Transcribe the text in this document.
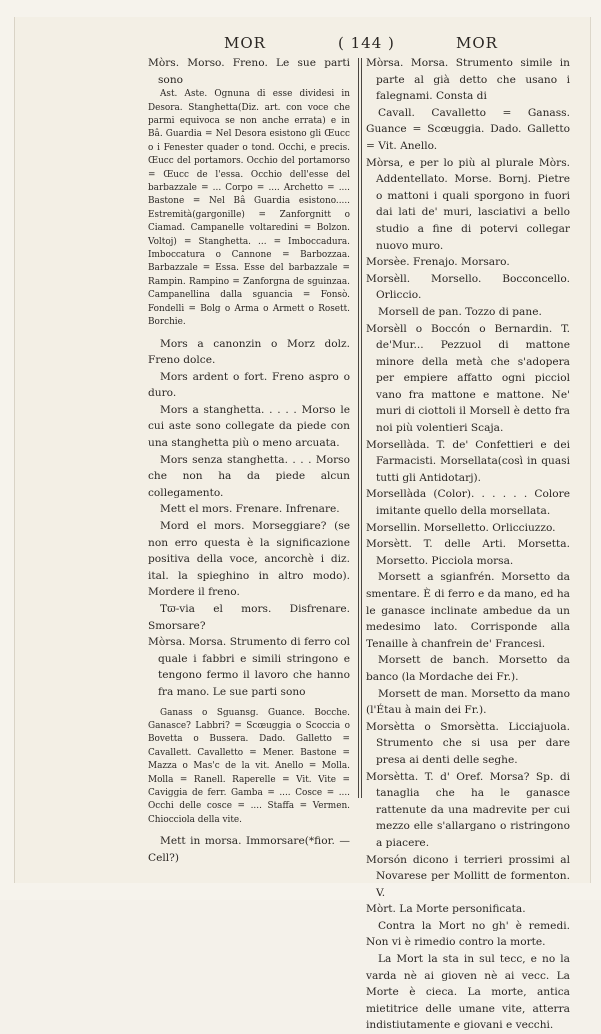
MOR	( 144 )	MOR

Mòrs. Morso. Freno. Le sue parti sono

Ast. Aste. Ognuna di esse dividesi in Desora. Stanghetta(Diz. art. con voce che parmi equivoca se non anche errata) e in Bâ. Guardia = Nel Desora esistono gli Œucc o i Fenester quader o tond. Occhi, e precis. Œucc del portamors. Occhio del portamorso = Œucc de l'essa. Occhio dell'esse del barbazzale = ... Corpo = .... Archetto = .... Bastone = Nel Bâ Guardia esistono..... Estremità(gargonille) = Zanforgnitt o Ciamad. Campanelle voltaredini = Bolzon. Voltoj) = Stanghetta. ... = Imboccadura. Imboccatura o Cannone = Barbozzaa. Barbazzale = Essa. Esse del barbazzale = Rampin. Rampino = Zanforgna de sguinzaa. Campanellina dalla sguancia = Fonsò. Fondelli = Bolg o Arma o Armett o Rosett. Borchie.

Mors a canonzin o Morz dolz. Freno dolce.

Mors ardent o fort. Freno aspro o duro.

Mors a stanghetta. . . . . Morso le cui aste sono collegate da piede con una stanghetta più o meno arcuata.

Mors senza stanghetta. . . . Morso che non ha da piede alcun collegamento.

Mett el mors. Frenare. Infrenare.

Mord el mors. Morseggiare? (se non erro questa è la significazione positiva della voce, ancorchè i diz. ital. la spieghino in altro modo). Mordere il freno.

Tϖ-via el mors. Disfrenare. Smorsare?

Mòrsa. Morsa. Strumento di ferro col quale i fabbri e simili stringono e tengono fermo il lavoro che hanno fra mano. Le sue parti sono

Ganass o Sguansg. Guance. Bocche. Ganasce? Labbri? = Scœuggia o Scoccia o Bovetta o Bussera. Dado. Galletto = Cavallett. Cavalletto = Mener. Bastone = Mazza o Mas'c de la vit. Anello = Molla. Molla = Ranell. Raperelle = Vit. Vite = Caviggia de ferr. Gamba = .... Cosce = .... Occhi delle cosce = .... Staffa = Vermen. Chiocciola della vite.

Mett in morsa. Immorsare(*fior. — Cell?)

Mòrsa. Morsa. Strumento simile in parte al già detto che usano i falegnami. Consta di

Cavall. Cavalletto = Ganass. Guance = Scœuggia. Dado. Galletto = Vit. Anello.

Mòrsa, e per lo più al plurale Mòrs. Addentellato. Morse. Bornj. Pietre o mattoni i quali sporgono in fuori dai lati de' muri, lasciativi a bello studio a fine di potervi collegar nuovo muro.

Morsèe. Frenajo. Morsaro.

Morsèll. Morsello. Bocconcello. Orliccio.

Morsell de pan. Tozzo di pane.

Morsèll o Boccón o Bernardin. T. de'Mur... Pezzuol di mattone minore della metà che s'adopera per empiere affatto ogni picciol vano fra mattone e mattone. Ne' muri di ciottoli il Morsell è detto fra noi più volentieri Scaja.

Morsellàda. T. de' Confettieri e dei Farmacisti. Morsellata(così in quasi tutti gli Antidotarj).

Morsellàda (Color). . . . . . Colore imitante quello della morsellata.

Morsellin. Morselletto. Orlicciuzzo.

Morsètt. T. delle Arti. Morsetta. Morsetto. Picciola morsa.

Morsett a sgianfrén. Morsetto da smentare. È di ferro e da mano, ed ha le ganasce inclinate ambedue da un medesimo lato. Corrisponde alla Tenaille à chanfrein de' Francesi.

Morsett de banch. Morsetto da banco (la Mordache dei Fr.).

Morsett de man. Morsetto da mano (l'Étau à main dei Fr.).

Morsètta o Smorsètta. Licciajuola. Strumento che si usa per dare presa ai denti delle seghe.

Morsètta. T. d' Oref. Morsa? Sp. di tanaglia che ha le ganasce rattenute da una madrevite per cui mezzo elle s'allargano o ristringono a piacere.

Morsón dicono i terrieri prossimi al Novarese per Mollitt de formenton. V.

Mòrt. La Morte personificata.

Contra la Mort no gh' è remedi. Non vi è rimedio contro la morte.

La Mort la sta in sul tecc, e no la varda nè ai gioven nè ai vecc. La Morte è cieca. La morte, antica mietitrice delle umane vite, atterra indistiutamente e giovani e vecchi.
